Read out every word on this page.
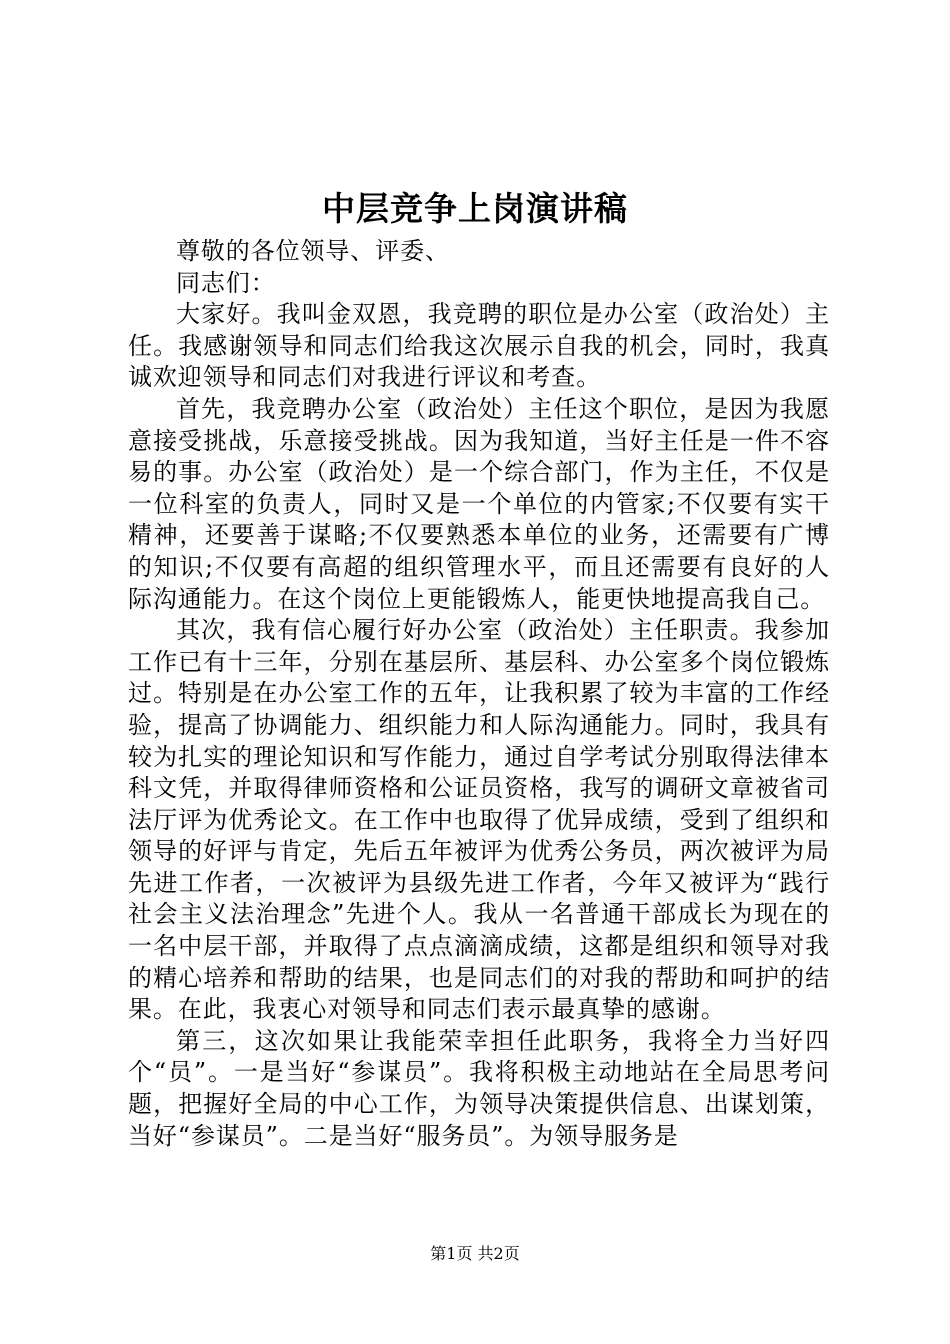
中层竞争上岗演讲稿

尊敬的各位领导、评委、

同志们：

大家好。我叫金双恩，我竞聘的职位是办公室（政治处）主任。我感谢领导和同志们给我这次展示自我的机会，同时，我真诚欢迎领导和同志们对我进行评议和考查。

首先，我竞聘办公室（政治处）主任这个职位，是因为我愿意接受挑战，乐意接受挑战。因为我知道，当好主任是一件不容易的事。办公室（政治处）是一个综合部门，作为主任，不仅是一位科室的负责人，同时又是一个单位的内管家;不仅要有实干精神，还要善于谋略;不仅要熟悉本单位的业务，还需要有广博的知识;不仅要有高超的组织管理水平，而且还需要有良好的人际沟通能力。在这个岗位上更能锻炼人，能更快地提高我自己。

其次，我有信心履行好办公室（政治处）主任职责。我参加工作已有十三年，分别在基层所、基层科、办公室多个岗位锻炼过。特别是在办公室工作的五年，让我积累了较为丰富的工作经验，提高了协调能力、组织能力和人际沟通能力。同时，我具有较为扎实的理论知识和写作能力，通过自学考试分别取得法律本科文凭，并取得律师资格和公证员资格，我写的调研文章被省司法厅评为优秀论文。在工作中也取得了优异成绩，受到了组织和领导的好评与肯定，先后五年被评为优秀公务员，两次被评为局先进工作者，一次被评为县级先进工作者，今年又被评为“践行社会主义法治理念”先进个人。我从一名普通干部成长为现在的一名中层干部，并取得了点点滴滴成绩，这都是组织和领导对我的精心培养和帮助的结果，也是同志们的对我的帮助和呵护的结果。在此，我衷心对领导和同志们表示最真挚的感谢。

第三，这次如果让我能荣幸担任此职务，我将全力当好四个“员”。一是当好“参谋员”。我将积极主动地站在全局思考问题，把握好全局的中心工作，为领导决策提供信息、出谋划策，当好“参谋员”。二是当好“服务员”。为领导服务是

第1页 共2页
